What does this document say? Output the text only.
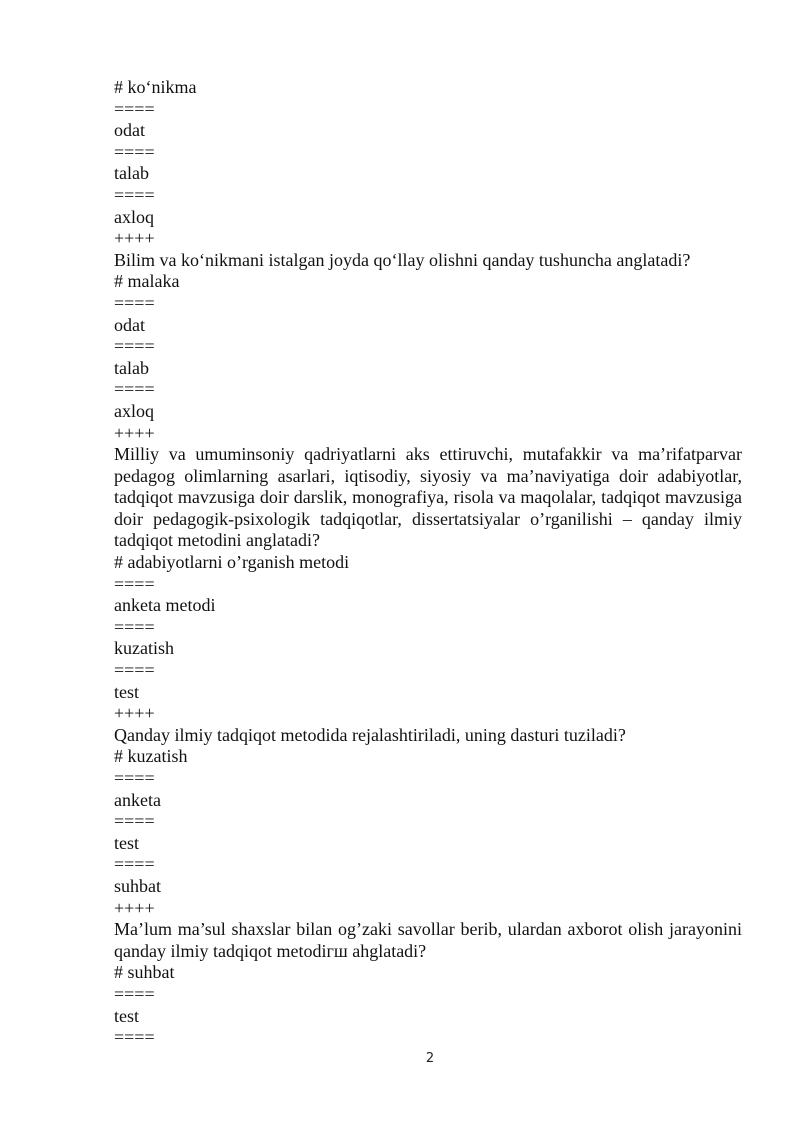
# ko‘nikma
====
odat
====
talab
====
axloq
++++
Bilim va ko‘nikmani istalgan joyda qo‘llay olishni qanday tushuncha anglatadi?
# malaka
====
odat
====
talab
====
axloq
++++
Milliy va umuminsoniy qadriyatlarni aks ettiruvchi, mutafakkir va ma’rifatparvar pedagog olimlarning asarlari, iqtisodiy, siyosiy va ma’naviyatiga doir adabiyotlar, tadqiqot mavzusiga doir darslik, monografiya, risola va maqolalar, tadqiqot mavzusiga doir pedagogik-psixologik tadqiqotlar, dissertatsiyalar o’rganilishi – qanday ilmiy tadqiqot metodini anglatadi?
# adabiyotlarni o’rganish metodi
====
anketa metodi
====
kuzatish
====
test
++++
Qanday ilmiy tadqiqot metodida rejalashtiriladi, uning dasturi tuziladi?
# kuzatish
====
anketa
====
test
====
suhbat
++++
Ma’lum ma’sul shaxslar bilan og’zaki savollar berib, ulardan axborot olish jarayonini qanday ilmiy tadqiqot metodiгш ahglatadi?
# suhbat
====
test
====
2
